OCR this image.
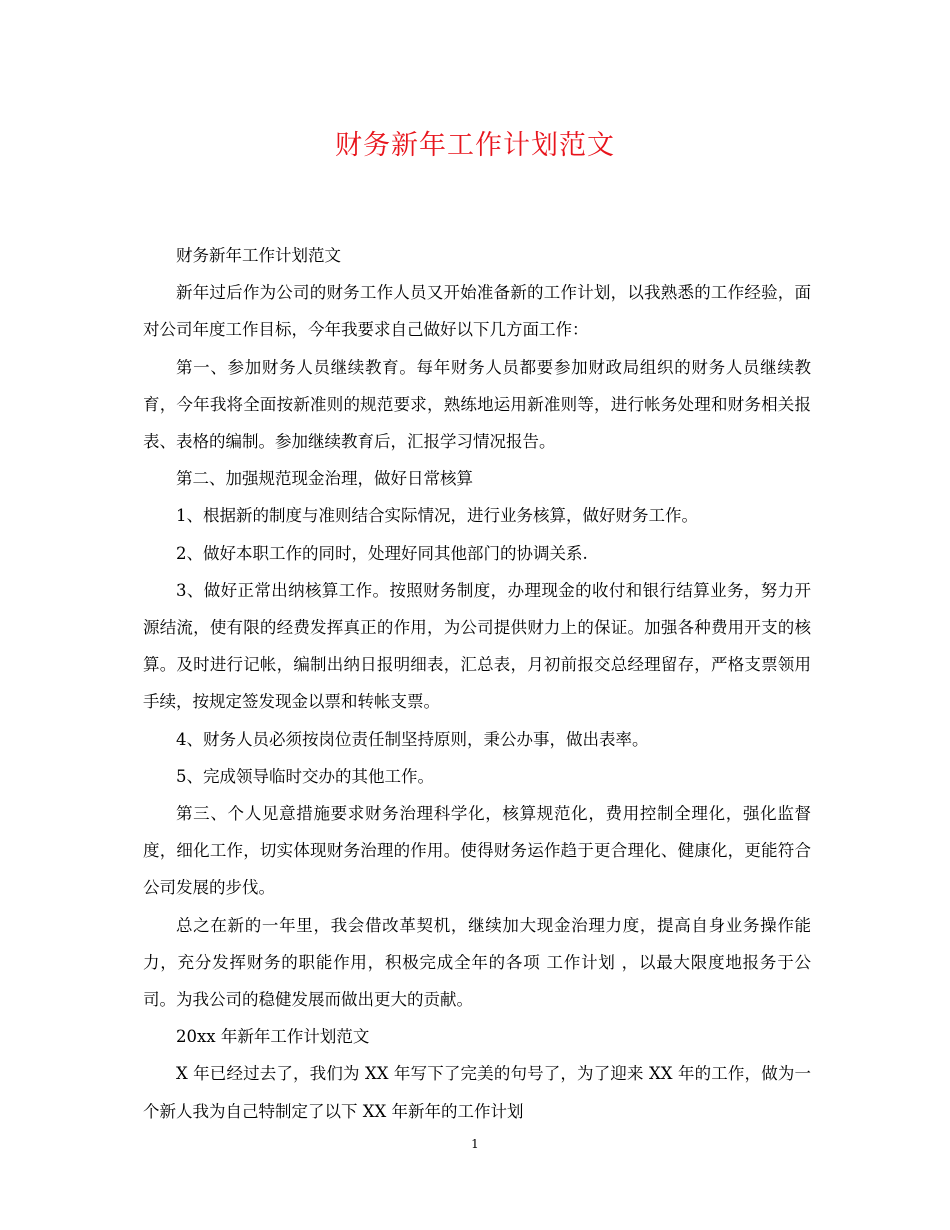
财务新年工作计划范文

财务新年工作计划范文

新年过后作为公司的财务工作人员又开始准备新的工作计划，以我熟悉的工作经验，面对公司年度工作目标，今年我要求自己做好以下几方面工作：

第一、参加财务人员继续教育。每年财务人员都要参加财政局组织的财务人员继续教育，今年我将全面按新准则的规范要求，熟练地运用新准则等，进行帐务处理和财务相关报表、表格的编制。参加继续教育后，汇报学习情况报告。

第二、加强规范现金治理，做好日常核算

1、根据新的制度与准则结合实际情况，进行业务核算，做好财务工作。

2、做好本职工作的同时，处理好同其他部门的协调关系.

3、做好正常出纳核算工作。按照财务制度，办理现金的收付和银行结算业务，努力开源结流，使有限的经费发挥真正的作用，为公司提供财力上的保证。加强各种费用开支的核算。及时进行记帐，编制出纳日报明细表，汇总表，月初前报交总经理留存，严格支票领用手续，按规定签发现金以票和转帐支票。

4、财务人员必须按岗位责任制坚持原则，秉公办事，做出表率。

5、完成领导临时交办的其他工作。

第三、个人见意措施要求财务治理科学化，核算规范化，费用控制全理化，强化监督度，细化工作，切实体现财务治理的作用。使得财务运作趋于更合理化、健康化，更能符合公司发展的步伐。

总之在新的一年里，我会借改革契机，继续加大现金治理力度，提高自身业务操作能力，充分发挥财务的职能作用，积极完成全年的各项 工作计划 ，以最大限度地报务于公司。为我公司的稳健发展而做出更大的贡献。

20xx 年新年工作计划范文

X 年已经过去了，我们为 XX 年写下了完美的句号了，为了迎来 XX 年的工作，做为一个新人我为自己特制定了以下 XX 年新年的工作计划

1
